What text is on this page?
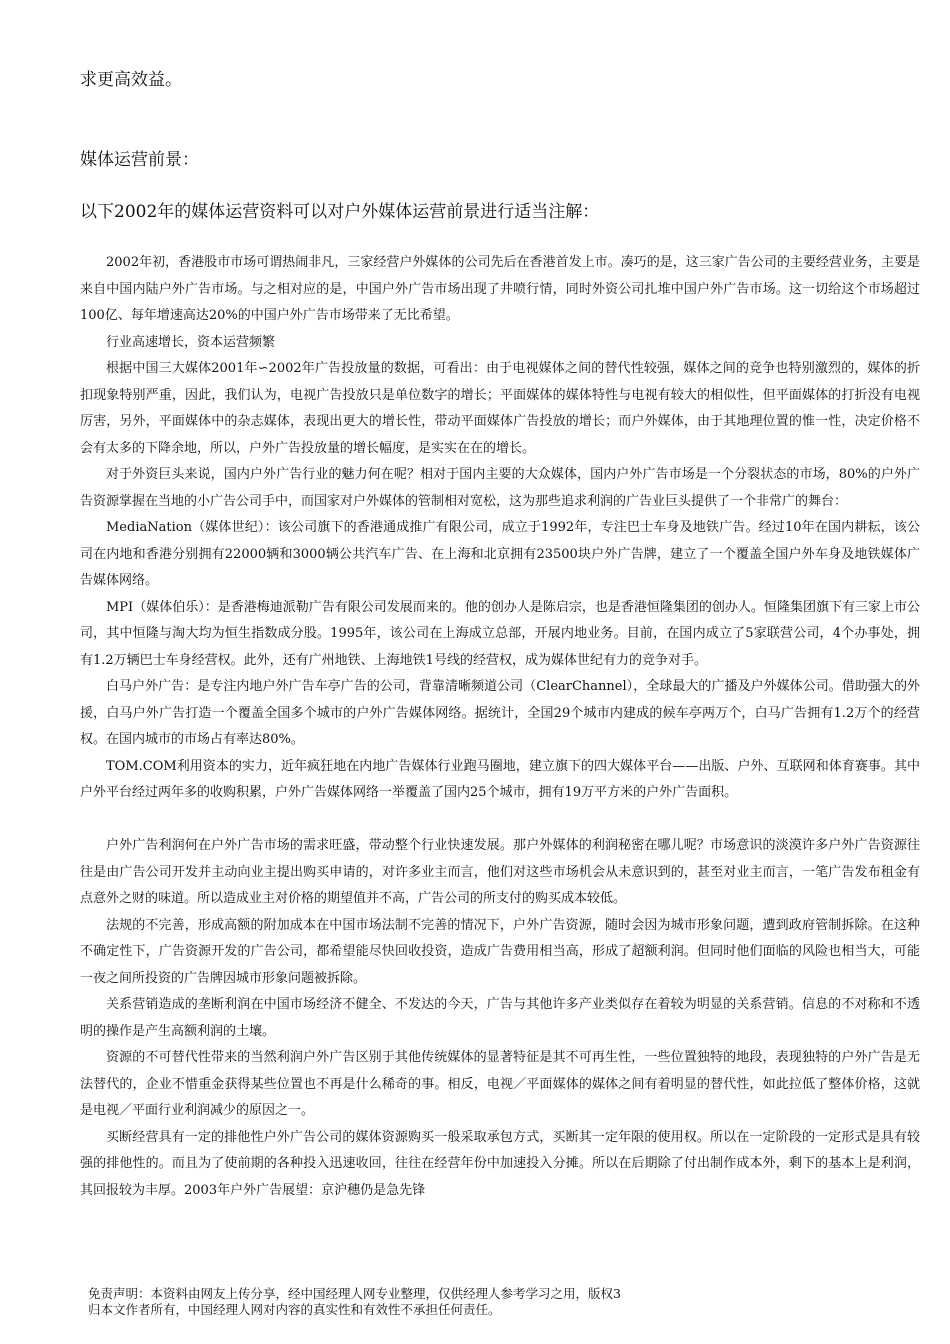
求更高效益。

媒体运营前景：

以下2002年的媒体运营资料可以对户外媒体运营前景进行适当注解：

2002年初，香港股市市场可谓热闹非凡，三家经营户外媒体的公司先后在香港首发上市。凑巧的是，这三家广告公司的主要经营业务，主要是来自中国内陆户外广告市场。与之相对应的是，中国户外广告市场出现了井喷行情，同时外资公司扎堆中国户外广告市场。这一切给这个市场超过100亿、每年增速高达20%的中国户外广告市场带来了无比希望。

行业高速增长，资本运营频繁

根据中国三大媒体2001年∽2002年广告投放量的数据，可看出：由于电视媒体之间的替代性较强，媒体之间的竞争也特别激烈的，媒体的折扣现象特别严重，因此，我们认为，电视广告投放只是单位数字的增长；平面媒体的媒体特性与电视有较大的相似性，但平面媒体的打折没有电视厉害，另外，平面媒体中的杂志媒体，表现出更大的增长性，带动平面媒体广告投放的增长；而户外媒体，由于其地理位置的惟一性，决定价格不会有太多的下降余地，所以，户外广告投放量的增长幅度，是实实在在的增长。

对于外资巨头来说，国内户外广告行业的魅力何在呢？相对于国内主要的大众媒体，国内户外广告市场是一个分裂状态的市场，80%的户外广告资源掌握在当地的小广告公司手中，而国家对户外媒体的管制相对宽松，这为那些追求利润的广告业巨头提供了一个非常广的舞台：

MediaNation（媒体世纪）：该公司旗下的香港通成推广有限公司，成立于1992年，专注巴士车身及地铁广告。经过10年在国内耕耘，该公司在内地和香港分别拥有22000辆和3000辆公共汽车广告、在上海和北京拥有23500块户外广告牌，建立了一个覆盖全国户外车身及地铁媒体广告媒体网络。

MPI（媒体伯乐）：是香港梅迪派勒广告有限公司发展而来的。他的创办人是陈启宗，也是香港恒隆集团的创办人。恒隆集团旗下有三家上市公司，其中恒隆与淘大均为恒生指数成分股。1995年，该公司在上海成立总部，开展内地业务。目前，在国内成立了5家联营公司，4个办事处，拥有1.2万辆巴士车身经营权。此外，还有广州地铁、上海地铁1号线的经营权，成为媒体世纪有力的竞争对手。

白马户外广告：是专注内地户外广告车亭广告的公司，背靠清晰频道公司（ClearChannel），全球最大的广播及户外媒体公司。借助强大的外援，白马户外广告打造一个覆盖全国多个城市的户外广告媒体网络。据统计，全国29个城市内建成的候车亭两万个，白马广告拥有1.2万个的经营权。在国内城市的市场占有率达80%。

TOM.COM利用资本的实力，近年疯狂地在内地广告媒体行业跑马圈地，建立旗下的四大媒体平台——出版、户外、互联网和体育赛事。其中户外平台经过两年多的收购积累，户外广告媒体网络一举覆盖了国内25个城市，拥有19万平方米的户外广告面积。

户外广告利润何在户外广告市场的需求旺盛，带动整个行业快速发展。那户外媒体的利润秘密在哪儿呢？市场意识的淡漠许多户外广告资源往往是由广告公司开发并主动向业主提出购买申请的，对许多业主而言，他们对这些市场机会从未意识到的，甚至对业主而言，一笔广告发布租金有点意外之财的味道。所以造成业主对价格的期望值并不高，广告公司的所支付的购买成本较低。

法规的不完善，形成高额的附加成本在中国市场法制不完善的情况下，户外广告资源，随时会因为城市形象问题，遭到政府管制拆除。在这种不确定性下，广告资源开发的广告公司，都希望能尽快回收投资，造成广告费用相当高，形成了超额利润。但同时他们面临的风险也相当大，可能一夜之间所投资的广告牌因城市形象问题被拆除。

关系营销造成的垄断利润在中国市场经济不健全、不发达的今天，广告与其他许多产业类似存在着较为明显的关系营销。信息的不对称和不透明的操作是产生高额利润的土壤。

资源的不可替代性带来的当然利润户外广告区别于其他传统媒体的显著特征是其不可再生性，一些位置独特的地段，表现独特的户外广告是无法替代的，企业不惜重金获得某些位置也不再是什么稀奇的事。相反，电视／平面媒体的媒体之间有着明显的替代性，如此拉低了整体价格，这就是电视／平面行业利润减少的原因之一。

买断经营具有一定的排他性户外广告公司的媒体资源购买一般采取承包方式，买断其一定年限的使用权。所以在一定阶段的一定形式是具有较强的排他性的。而且为了使前期的各种投入迅速收回，往往在经营年份中加速投入分摊。所以在后期除了付出制作成本外，剩下的基本上是利润，其回报较为丰厚。2003年户外广告展望：京沪穗仍是急先锋

免责声明：本资料由网友上传分享，经中国经理人网专业整理，仅供经理人参考学习之用，版权3
归本文作者所有，中国经理人网对内容的真实性和有效性不承担任何责任。
